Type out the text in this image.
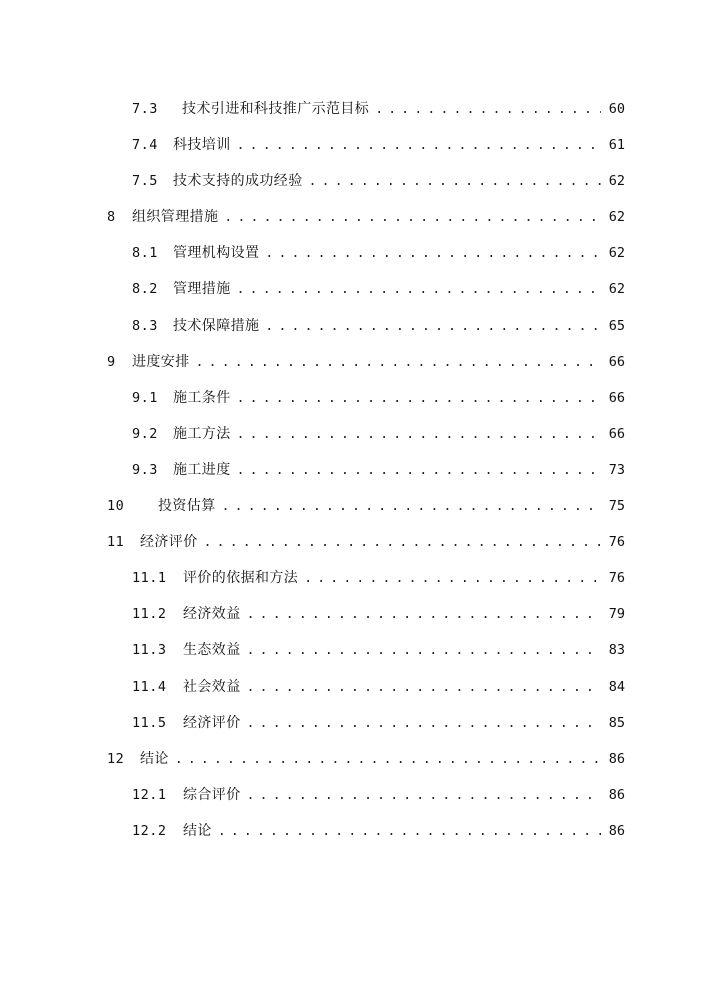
7.3	技术引进和科技推广示范目标 . . .	60
7.4	科技培训 . . .	61
7.5	技术支持的成功经验 . . .	62
8	组织管理措施 . . .	62
8.1	管理机构设置 . . .	62
8.2	管理措施 . . .	62
8.3	技术保障措施 . . .	65
9	进度安排 . . .	66
9.1	施工条件 . . .	66
9.2	施工方法 . . .	66
9.3	施工进度 . . .	73
10	投资估算 . . .	75
11	经济评价 . . .	76
11.1	评价的依据和方法 . . .	76
11.2	经济效益 . . .	79
11.3	生态效益 . . .	83
11.4	社会效益 . . .	84
11.5	经济评价 . . .	85
12	结论 . . .	86
12.1	综合评价 . . .	86
12.2	结论 . . .	86
